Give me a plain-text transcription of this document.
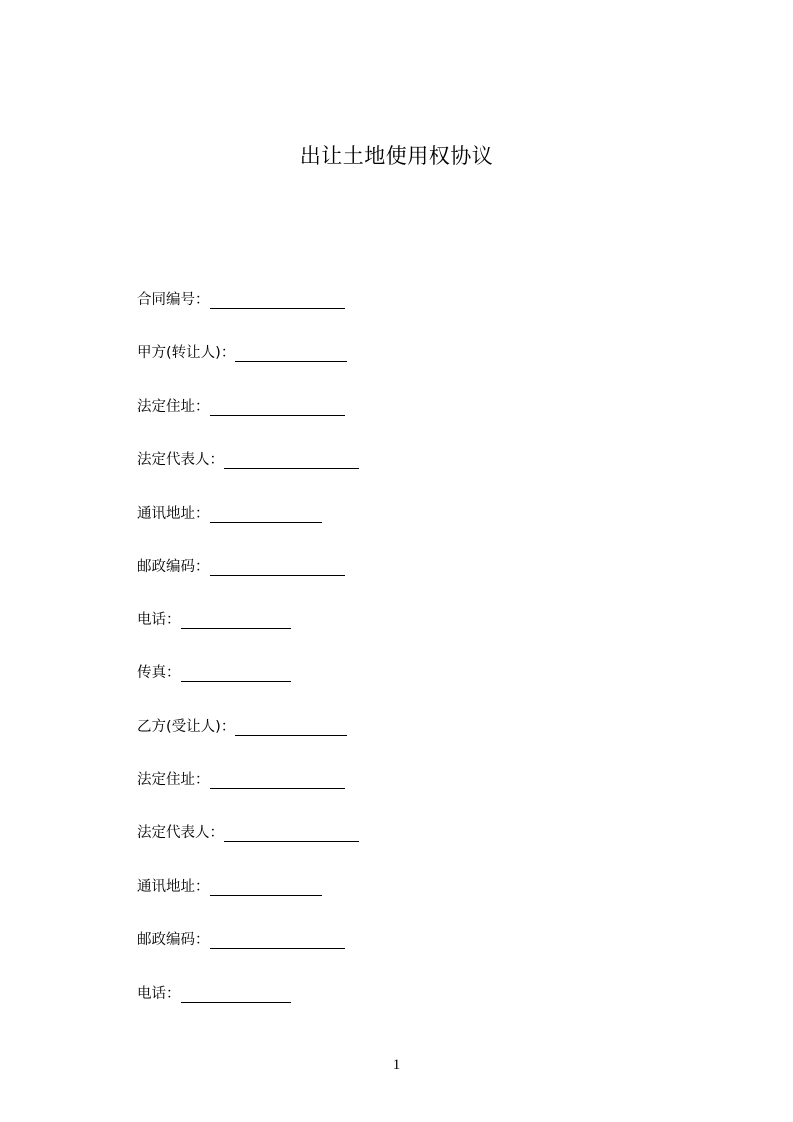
出让土地使用权协议
合同编号：
甲方(转让人)：
法定住址：
法定代表人：
通讯地址：
邮政编码：
电话：
传真：
乙方(受让人)：
法定住址：
法定代表人：
通讯地址：
邮政编码：
电话：
1
